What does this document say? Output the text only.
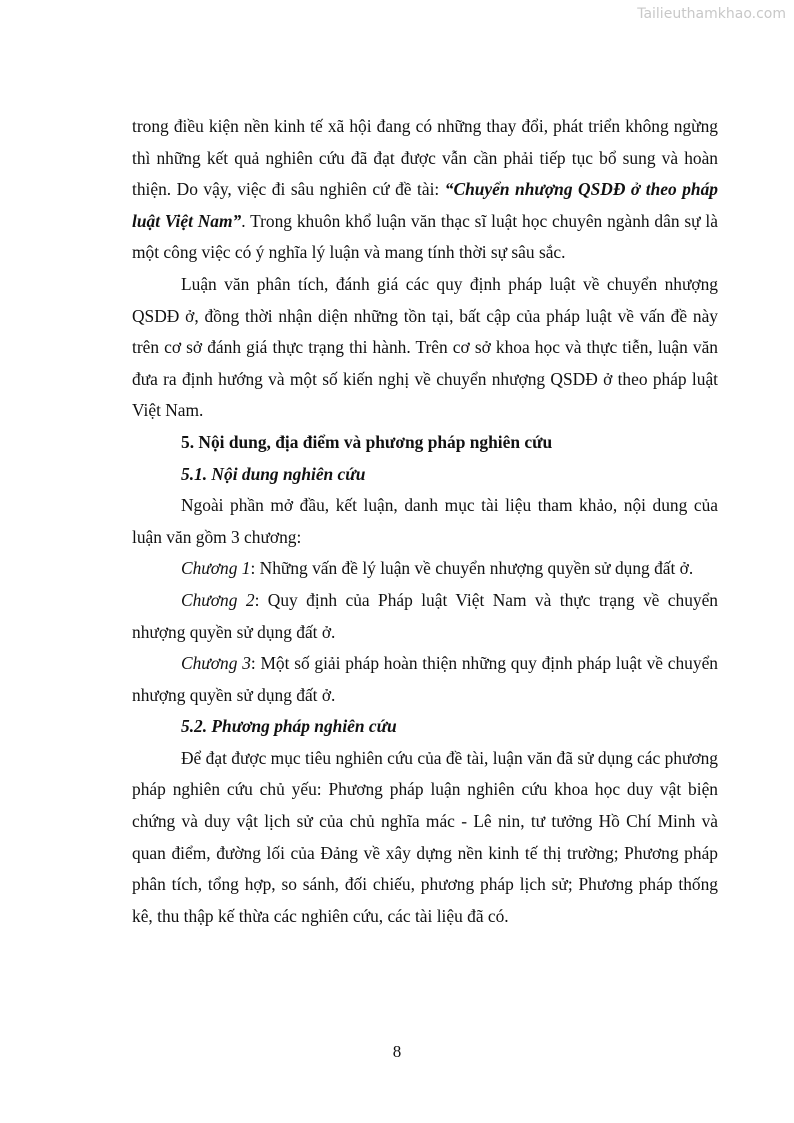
Tailieuthamkhao.com

trong điều kiện nền kinh tế xã hội đang có những thay đổi, phát triển không ngừng thì những kết quả nghiên cứu đã đạt được vẫn cần phải tiếp tục bổ sung và hoàn thiện. Do vậy, việc đi sâu nghiên cứ đề tài: “Chuyển nhượng QSDĐ ở theo pháp luật Việt Nam”. Trong khuôn khổ luận văn thạc sĩ luật học chuyên ngành dân sự là một công việc có ý nghĩa lý luận và mang tính thời sự sâu sắc.

Luận văn phân tích, đánh giá các quy định pháp luật về chuyển nhượng QSDĐ ở, đồng thời nhận diện những tồn tại, bất cập của pháp luật về vấn đề này trên cơ sở đánh giá thực trạng thi hành. Trên cơ sở khoa học và thực tiễn, luận văn đưa ra định hướng và một số kiến nghị về chuyển nhượng QSDĐ ở theo pháp luật Việt Nam.

5. Nội dung, địa điểm và phương pháp nghiên cứu

5.1. Nội dung nghiên cứu

Ngoài phần mở đầu, kết luận, danh mục tài liệu tham khảo, nội dung của luận văn gồm 3 chương:

Chương 1: Những vấn đề lý luận về chuyển nhượng quyền sử dụng đất ở.

Chương 2: Quy định của Pháp luật Việt Nam và thực trạng về chuyển nhượng quyền sử dụng đất ở.

Chương 3: Một số giải pháp hoàn thiện những quy định pháp luật về chuyển nhượng quyền sử dụng đất ở.

5.2. Phương pháp nghiên cứu

Để đạt được mục tiêu nghiên cứu của đề tài, luận văn đã sử dụng các phương pháp nghiên cứu chủ yếu: Phương pháp luận nghiên cứu khoa học duy vật biện chứng và duy vật lịch sử của chủ nghĩa mác - Lê nin, tư tưởng Hồ Chí Minh và quan điểm, đường lối của Đảng về xây dựng nền kinh tế thị trường; Phương pháp phân tích, tổng hợp, so sánh, đối chiếu, phương pháp lịch sử; Phương pháp thống kê, thu thập kế thừa các nghiên cứu, các tài liệu đã có.

8
